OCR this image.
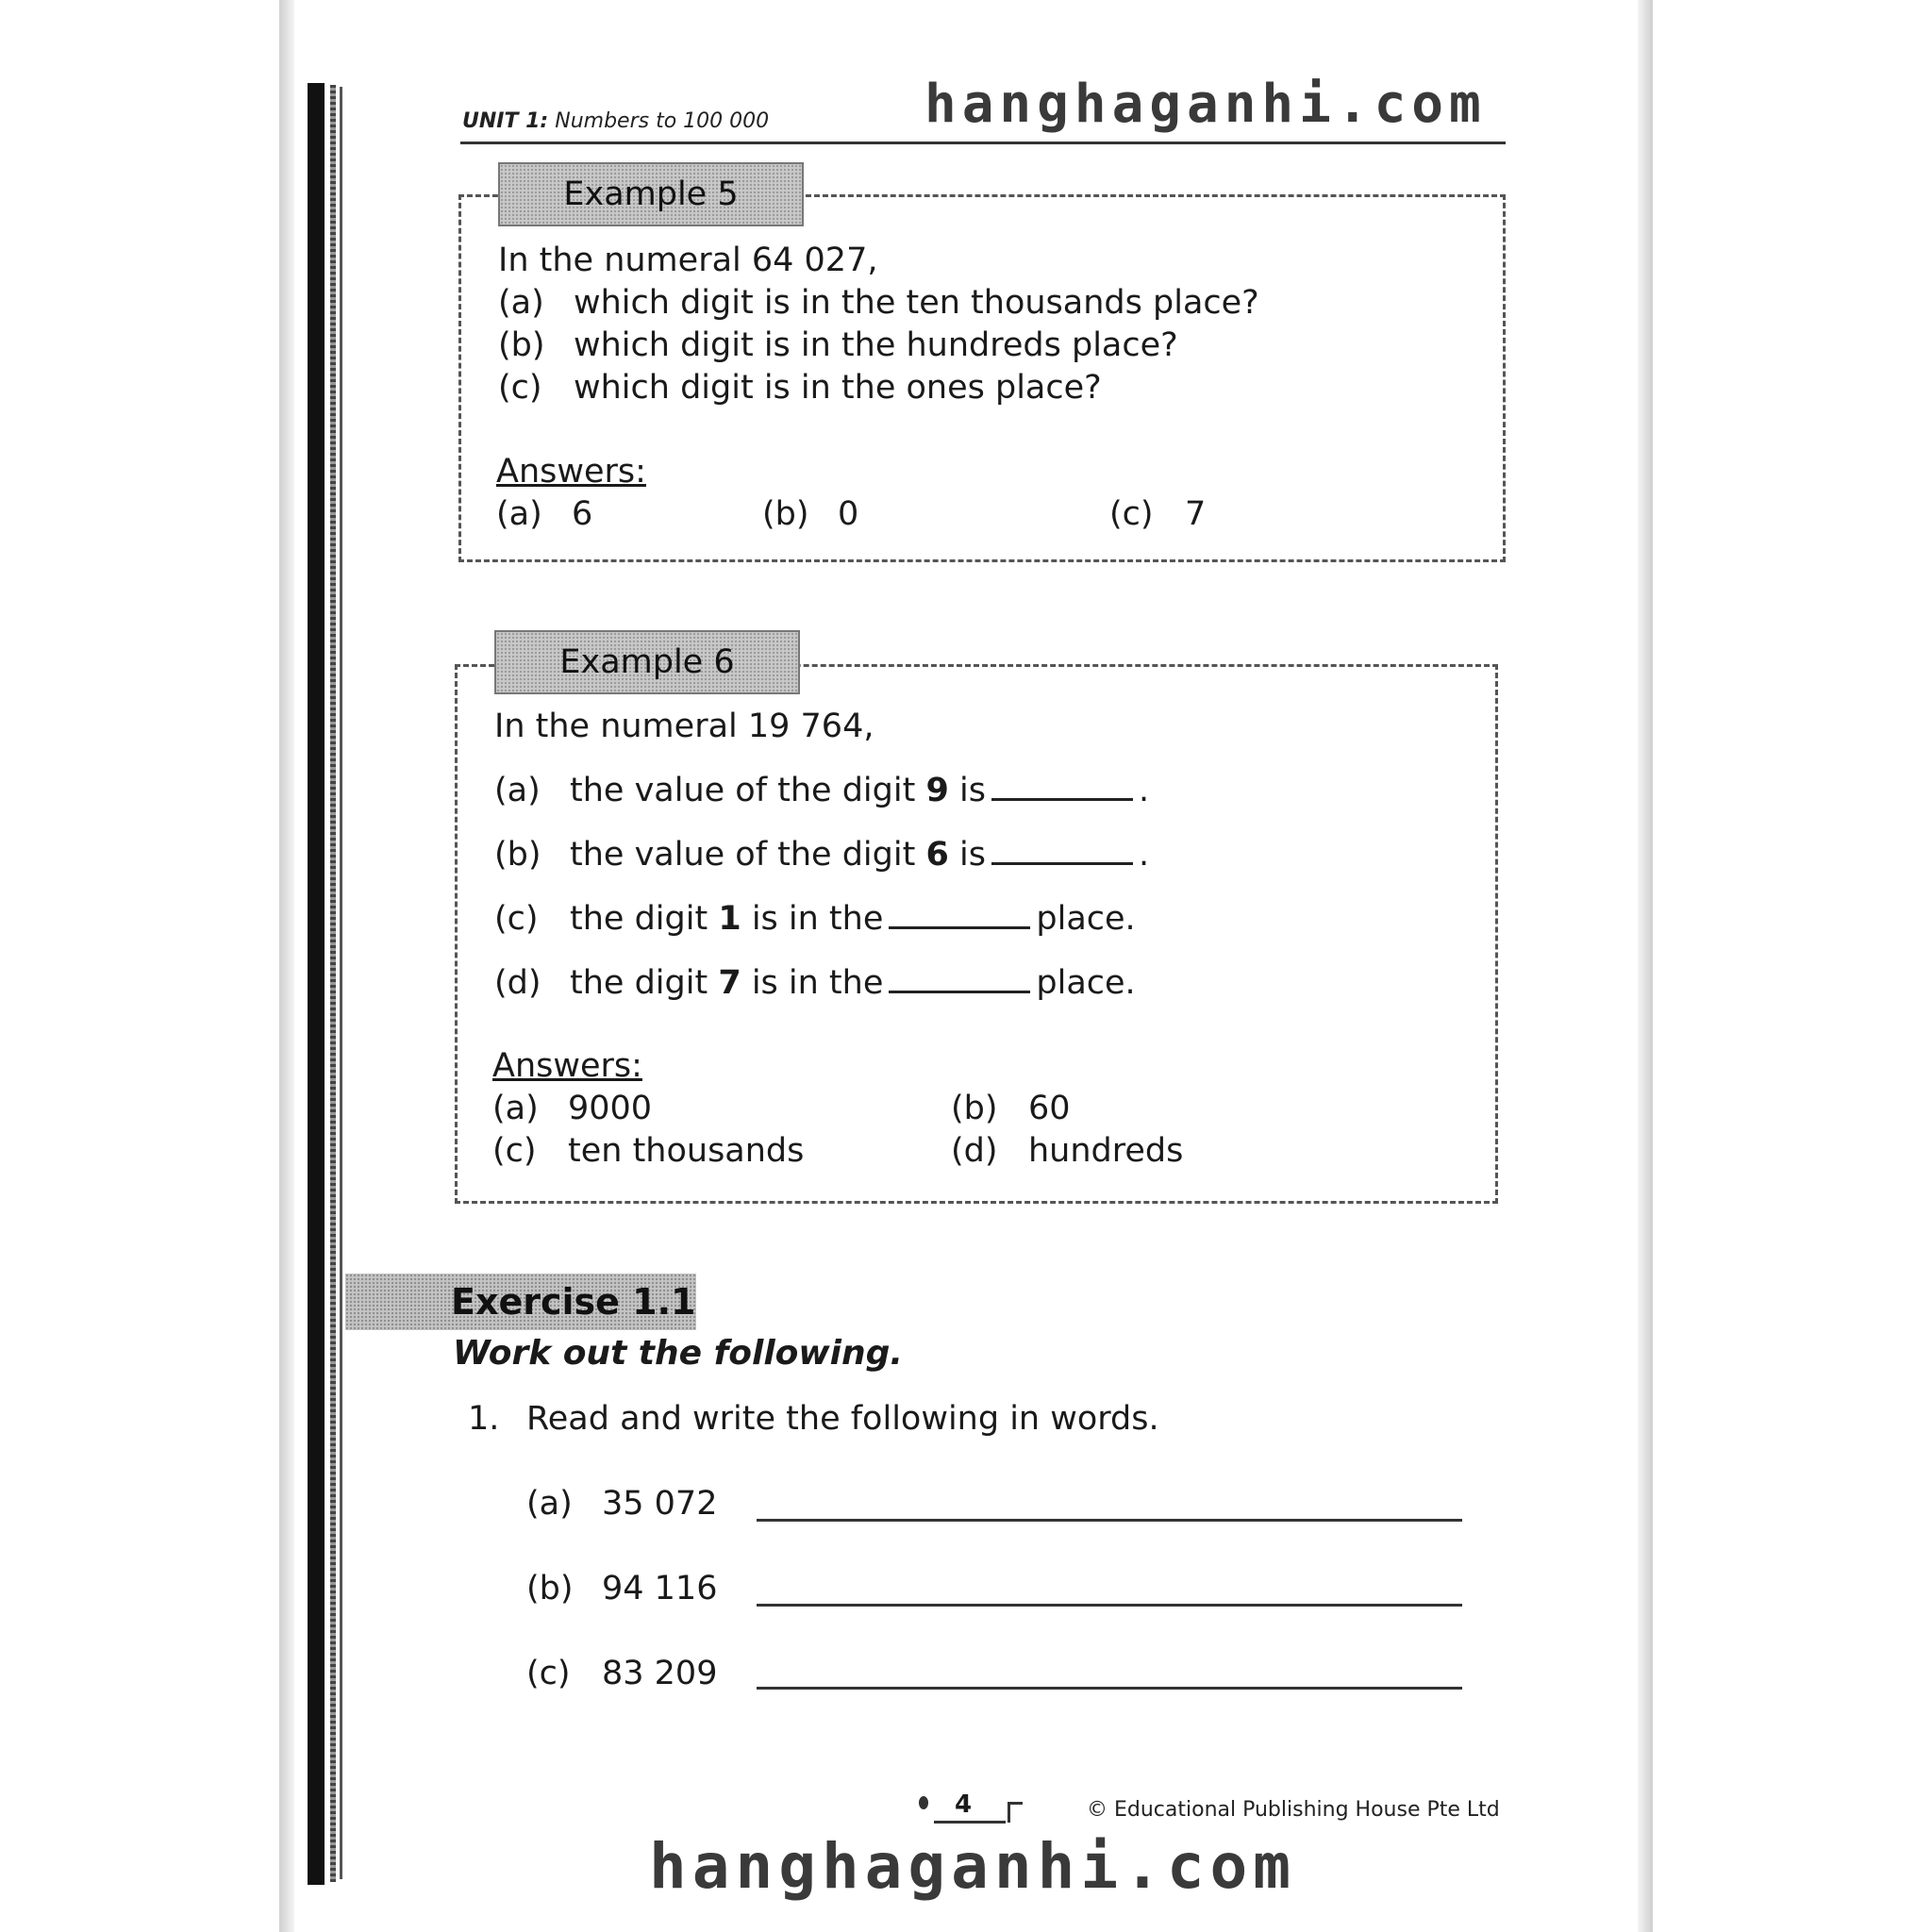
UNIT 1: Numbers to 100 000	hanghaganhi.com
Example 5
In the numeral 64 027,
(a) which digit is in the ten thousands place?
(b) which digit is in the hundreds place?
(c) which digit is in the ones place?
Answers:
(a) 6	(b) 0	(c) 7
Example 6
In the numeral 19 764,
(a) the value of the digit 9 is	.
(b) the value of the digit 6 is	.
(c) the digit 1 is in the	place.
(d) the digit 7 is in the	place.
Answers:
(a) 9000	(b) 60
(c) ten thousands	(d) hundreds
Exercise 1.1
Work out the following.
1. Read and write the following in words.
(a) 35 072
(b) 94 116
(c) 83 209
4	© Educational Publishing House Pte Ltd
hanghaganhi.com
